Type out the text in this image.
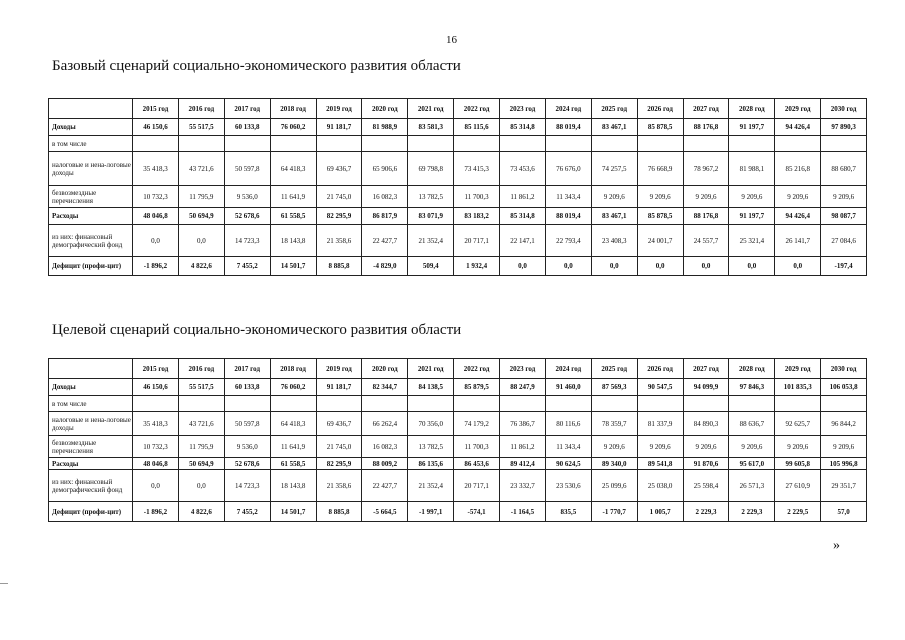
16
Базовый сценарий социально-экономического развития области
Целевой сценарий социально-экономического развития области
	2015 год	2016 год	2017 год	2018 год	2019 год	2020 год	2021 год	2022 год	2023 год	2024 год	2025 год	2026 год	2027 год	2028 год	2029 год	2030 год
Доходы	46 150,6	55 517,5	60 133,8	76 060,2	91 181,7	81 988,9	83 581,3	85 115,6	85 314,8	88 019,4	83 467,1	85 878,5	88 176,8	91 197,7	94 426,4	97 890,3
в том числе																
налоговые и нена-логовые доходы	35 418,3	43 721,6	50 597,8	64 418,3	69 436,7	65 906,6	69 798,8	73 415,3	73 453,6	76 676,0	74 257,5	76 668,9	78 967,2	81 988,1	85 216,8	88 680,7
безвозмездные перечисления	10 732,3	11 795,9	9 536,0	11 641,9	21 745,0	16 082,3	13 782,5	11 700,3	11 861,2	11 343,4	9 209,6	9 209,6	9 209,6	9 209,6	9 209,6	9 209,6
Расходы	48 046,8	50 694,9	52 678,6	61 558,5	82 295,9	86 817,9	83 071,9	83 183,2	85 314,8	88 019,4	83 467,1	85 878,5	88 176,8	91 197,7	94 426,4	98 087,7
из них: финансовый демографический фонд	0,0	0,0	14 723,3	18 143,8	21 358,6	22 427,7	21 352,4	20 717,1	22 147,1	22 793,4	23 408,3	24 001,7	24 557,7	25 321,4	26 141,7	27 084,6
Дефицит (профи-цит)	-1 896,2	4 822,6	7 455,2	14 501,7	8 885,8	-4 829,0	509,4	1 932,4	0,0	0,0	0,0	0,0	0,0	0,0	0,0	-197,4
	2015 год	2016 год	2017 год	2018 год	2019 год	2020 год	2021 год	2022 год	2023 год	2024 год	2025 год	2026 год	2027 год	2028 год	2029 год	2030 год
Доходы	46 150,6	55 517,5	60 133,8	76 060,2	91 181,7	82 344,7	84 138,5	85 879,5	88 247,9	91 460,0	87 569,3	90 547,5	94 099,9	97 846,3	101 835,3	106 053,8
в том числе																
налоговые и нена-логовые доходы	35 418,3	43 721,6	50 597,8	64 418,3	69 436,7	66 262,4	70 356,0	74 179,2	76 386,7	80 116,6	78 359,7	81 337,9	84 890,3	88 636,7	92 625,7	96 844,2
безвозмездные перечисления	10 732,3	11 795,9	9 536,0	11 641,9	21 745,0	16 082,3	13 782,5	11 700,3	11 861,2	11 343,4	9 209,6	9 209,6	9 209,6	9 209,6	9 209,6	9 209,6
Расходы	48 046,8	50 694,9	52 678,6	61 558,5	82 295,9	88 009,2	86 135,6	86 453,6	89 412,4	90 624,5	89 340,0	89 541,8	91 870,6	95 617,0	99 605,8	105 996,8
из них: финансовый демографический фонд	0,0	0,0	14 723,3	18 143,8	21 358,6	22 427,7	21 352,4	20 717,1	23 332,7	23 530,6	25 099,6	25 038,0	25 598,4	26 571,3	27 610,9	29 351,7
Дефицит (профи-цит)	-1 896,2	4 822,6	7 455,2	14 501,7	8 885,8	-5 664,5	-1 997,1	-574,1	-1 164,5	835,5	-1 770,7	1 005,7	2 229,3	2 229,3	2 229,5	57,0
»
